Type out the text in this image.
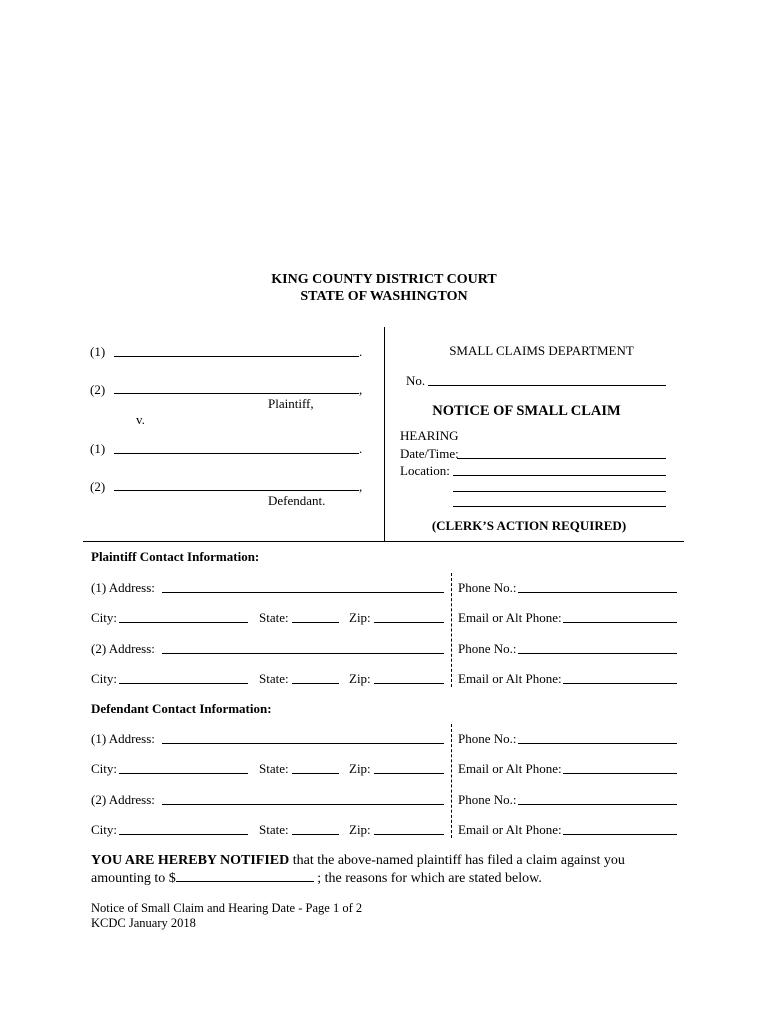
KING COUNTY DISTRICT COURT
STATE OF WASHINGTON
(1)	.
(2)	,
Plaintiff,
v.
(1)	.
(2)	,
Defendant.
SMALL CLAIMS DEPARTMENT
No.
NOTICE OF SMALL CLAIM
HEARING
Date/Time:
Location:
(CLERK’S ACTION REQUIRED)
Plaintiff Contact Information:
Defendant Contact Information:
(1) Address:	Phone No.:
City:	State:	Zip:	Email or Alt Phone:
(2) Address:	Phone No.:
City:	State:	Zip:	Email or Alt Phone:
(1) Address:	Phone No.:
City:	State:	Zip:	Email or Alt Phone:
(2) Address:	Phone No.:
City:	State:	Zip:	Email or Alt Phone:
YOU ARE HEREBY NOTIFIED that the above-named plaintiff has filed a claim against you
amounting to $	; the reasons for which are stated below.
Notice of Small Claim and Hearing Date - Page 1 of 2
KCDC January 2018
